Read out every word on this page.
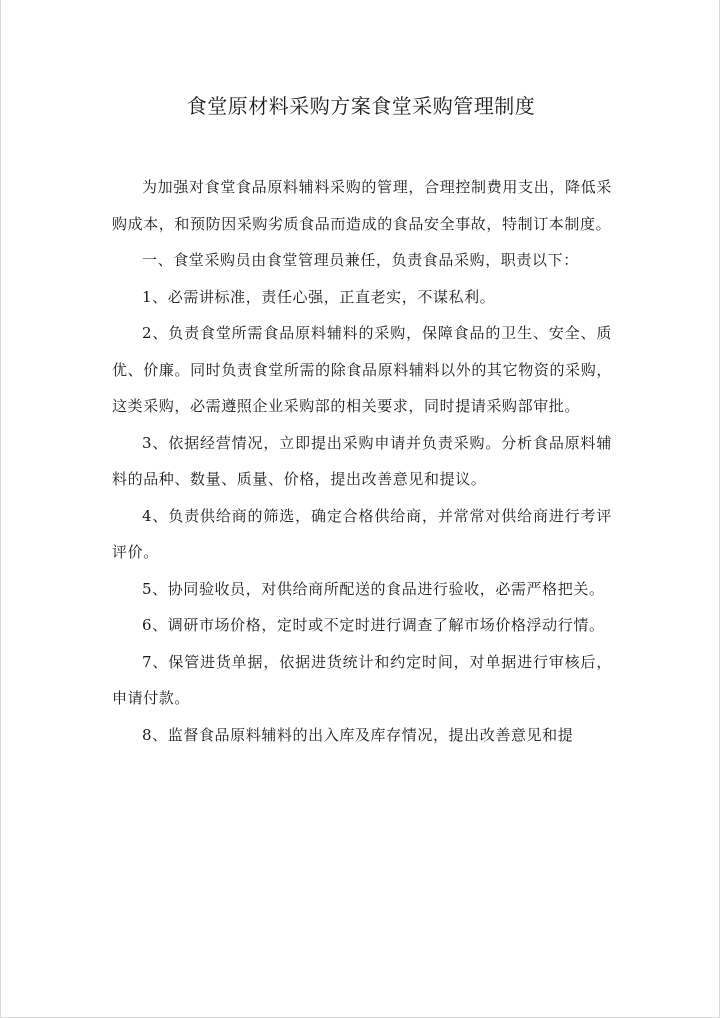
食堂原材料采购方案食堂采购管理制度

为加强对食堂食品原料辅料采购的管理，合理控制费用支出，降低采购成本，和预防因采购劣质食品而造成的食品安全事故，特制订本制度。

一、食堂采购员由食堂管理员兼任，负责食品采购，职责以下：

1、必需讲标准，责任心强，正直老实，不谋私利。

2、负责食堂所需食品原料辅料的采购，保障食品的卫生、安全、质优、价廉。同时负责食堂所需的除食品原料辅料以外的其它物资的采购，这类采购，必需遵照企业采购部的相关要求，同时提请采购部审批。

3、依据经营情况，立即提出采购申请并负责采购。分析食品原料辅料的品种、数量、质量、价格，提出改善意见和提议。

4、负责供给商的筛选，确定合格供给商，并常常对供给商进行考评评价。

5、协同验收员，对供给商所配送的食品进行验收，必需严格把关。

6、调研市场价格，定时或不定时进行调查了解市场价格浮动行情。

7、保管进货单据，依据进货统计和约定时间，对单据进行审核后，申请付款。

8、监督食品原料辅料的出入库及库存情况，提出改善意见和提
